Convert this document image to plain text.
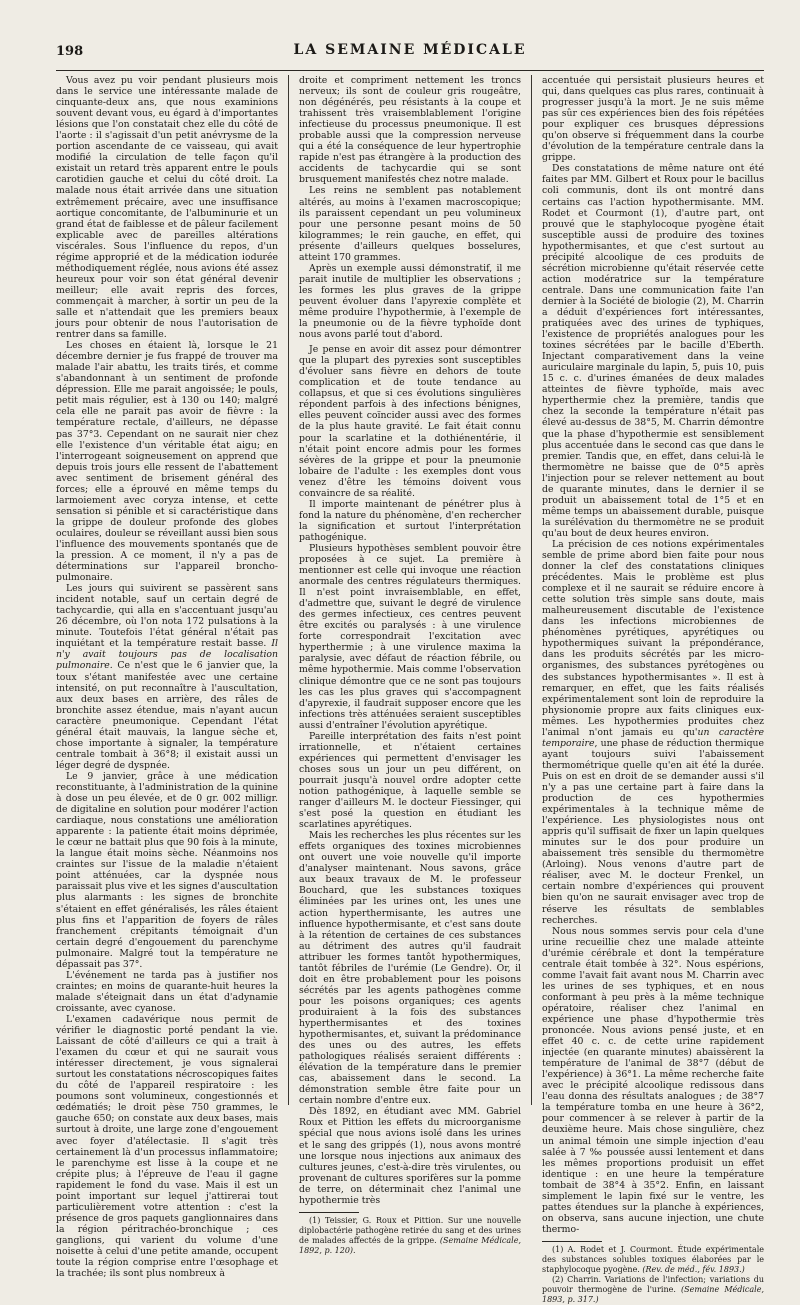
198	LA SEMAINE MÉDICALE

Vous avez pu voir pendant plusieurs mois dans le service une intéressante malade de cinquante-deux ans, que nous examinions souvent devant vous, eu égard à d'importantes lésions que l'on constatait chez elle du côté de l'aorte : il s'agissait d'un petit anévrysme de la portion ascendante de ce vaisseau, qui avait modifié la circulation de telle façon qu'il existait un retard très apparent entre le pouls carotidien gauche et celui du côté droit. La malade nous était arrivée dans une situation extrêmement précaire, avec une insuffisance aortique concomitante, de l'albuminurie et un grand état de faiblesse et de pâleur facilement explicable avec de pareilles altérations viscérales. Sous l'influence du repos, d'un régime approprié et de la médication iodurée méthodiquement réglée, nous avions été assez heureux pour voir son état général devenir meilleur; elle avait repris des forces, commençait à marcher, à sortir un peu de la salle et n'attendait que les premiers beaux jours pour obtenir de nous l'autorisation de rentrer dans sa famille.

Les choses en étaient là, lorsque le 21 décembre dernier je fus frappé de trouver ma malade l'air abattu, les traits tirés, et comme s'abandonnant à un sentiment de profonde dépression. Elle me parait angoissée; le pouls, petit mais régulier, est à 130 ou 140; malgré cela elle ne parait pas avoir de fièvre : la température rectale, d'ailleurs, ne dépasse pas 37°3. Cependant on ne saurait nier chez elle l'existence d'un véritable état aigu; en l'interrogeant soigneusement on apprend que depuis trois jours elle ressent de l'abattement avec sentiment de brisement général des forces; elle a éprouvé en même temps du larmoiement avec coryza intense, et cette sensation si pénible et si caractéristique dans la grippe de douleur profonde des globes oculaires, douleur se réveillant aussi bien sous l'influence des mouvements spontanés que de la pression. A ce moment, il n'y a pas de déterminations sur l'appareil broncho-pulmonaire.

Les jours qui suivirent se passèrent sans incident notable, sauf un certain degré de tachycardie, qui alla en s'accentuant jusqu'au 26 décembre, où l'on nota 172 pulsations à la minute. Toutefois l'état général n'était pas inquiétant et la température restait basse. Il n'y avait toujours pas de localisation pulmonaire. Ce n'est que le 6 janvier que, la toux s'étant manifestée avec une certaine intensité, on put reconnaître à l'auscultation, aux deux bases en arrière, des râles de bronchite assez étendue, mais n'ayant aucun caractère pneumonique. Cependant l'état général était mauvais, la langue sèche et, chose importante à signaler, la température centrale tombait à 36°8; il existait aussi un léger degré de dyspnée.

Le 9 janvier, grâce à une médication reconstituante, à l'administration de la quinine à dose un peu élevée, et de 0 gr. 002 milligr. de digitaline en solution pour modérer l'action cardiaque, nous constations une amélioration apparente : la patiente était moins déprimée, le cœur ne battait plus que 90 fois à la minute, la langue était moins sèche. Néanmoins nos craintes sur l'issue de la maladie n'étaient point atténuées, car la dyspnée nous paraissait plus vive et les signes d'auscultation plus alarmants : les signes de bronchite s'étaient en effet généralisés, les râles étaient plus fins et l'apparition de foyers de râles franchement crépitants témoignait d'un certain degré d'engouement du parenchyme pulmonaire. Malgré tout la température ne dépassait pas 37°.

L'événement ne tarda pas à justifier nos craintes; en moins de quarante-huit heures la malade s'éteignait dans un état d'adynamie croissante, avec cyanose.

L'examen cadavérique nous permit de vérifier le diagnostic porté pendant la vie. Laissant de côté d'ailleurs ce qui a trait à l'examen du cœur et qui ne saurait vous intéresser directement, je vous signalerai surtout les constatations nécroscopiques faites du côté de l'appareil respiratoire : les poumons sont volumineux, congestionnés et œdématiés; le droit pèse 750 grammes, le gauche 650; on constate aux deux bases, mais surtout à droite, une large zone d'engouement avec foyer d'atélectasie. Il s'agit très certainement là d'un processus inflammatoire; le parenchyme est lisse à la coupe et ne crépite plus; à l'épreuve de l'eau il gagne rapidement le fond du vase. Mais il est un point important sur lequel j'attirerai tout particulièrement votre attention : c'est la présence de gros paquets ganglionnaires dans la région péritrachéo-bronchique ; ces ganglions, qui varient du volume d'une noisette à celui d'une petite amande, occupent toute la région comprise entre l'œsophage et la trachée; ils sont plus nombreux à

droite et compriment nettement les troncs nerveux; ils sont de couleur gris rougeâtre, non dégénérés, peu résistants à la coupe et trahissent très vraisemblablement l'origine infectieuse du processus pneumonique. Il est probable aussi que la compression nerveuse qui a été la conséquence de leur hypertrophie rapide n'est pas étrangère à la production des accidents de tachycardie qui se sont brusquement manifestés chez notre malade.

Les reins ne semblent pas notablement altérés, au moins à l'examen macroscopique; ils paraissent cependant un peu volumineux pour une personne pesant moins de 50 kilogrammes; le rein gauche, en effet, qui présente d'ailleurs quelques bosselures, atteint 170 grammes.

Après un exemple aussi démonstratif, il me parait inutile de multiplier les observations ; les formes les plus graves de la grippe peuvent évoluer dans l'apyrexie complète et même produire l'hypothermie, à l'exemple de la pneumonie ou de la fièvre typhoïde dont nous avons parlé tout d'abord.

Je pense en avoir dit assez pour démontrer que la plupart des pyrexies sont susceptibles d'évoluer sans fièvre en dehors de toute complication et de toute tendance au collapsus, et que si ces évolutions singulières répondent parfois à des infections bénignes, elles peuvent coïncider aussi avec des formes de la plus haute gravité. Le fait était connu pour la scarlatine et la dothiénentérie, il n'était point encore admis pour les formes sévères de la grippe et pour la pneumonie lobaire de l'adulte : les exemples dont vous venez d'être les témoins doivent vous convaincre de sa réalité.

Il importe maintenant de pénétrer plus à fond la nature du phénomène, d'en rechercher la signification et surtout l'interprétation pathogénique.

Plusieurs hypothèses semblent pouvoir être proposées à ce sujet. La première à mentionner est celle qui invoque une réaction anormale des centres régulateurs thermiques. Il n'est point invraisemblable, en effet, d'admettre que, suivant le degré de virulence des germes infectieux, ces centres peuvent être excités ou paralysés : à une virulence forte correspondrait l'excitation avec hyperthermie ; à une virulence maxima la paralysie, avec défaut de réaction fébrile, ou même hypothermie. Mais comme l'observation clinique démontre que ce ne sont pas toujours les cas les plus graves qui s'accompagnent d'apyrexie, il faudrait supposer encore que les infections très atténuées seraient susceptibles aussi d'entraîner l'évolution apyrétique.

Pareille interprétation des faits n'est point irrationnelle, et n'étaient certaines expériences qui permettent d'envisager les choses sous un jour un peu différent, on pourrait jusqu'à nouvel ordre adopter cette notion pathogénique, à laquelle semble se ranger d'ailleurs M. le docteur Fiessinger, qui s'est posé la question en étudiant les scarlatines apyrétiques.

Mais les recherches les plus récentes sur les effets organiques des toxines microbiennes ont ouvert une voie nouvelle qu'il importe d'analyser maintenant. Nous savons, grâce aux beaux travaux de M. le professeur Bouchard, que les substances toxiques éliminées par les urines ont, les unes une action hyperthermisante, les autres une influence hypothermisante, et c'est sans doute à la rétention de certaines de ces substances au détriment des autres qu'il faudrait attribuer les formes tantôt hypothermiques, tantôt fébriles de l'urémie (Le Gendre). Or, il doit en être probablement pour les poisons sécrétés par les agents pathogènes comme pour les poisons organiques; ces agents produiraient à la fois des substances hyperthermisantes et des toxines hypothermisantes, et, suivant la prédominance des unes ou des autres, les effets pathologiques réalisés seraient différents : élévation de la température dans le premier cas, abaissement dans le second. La démonstration semble être faite pour un certain nombre d'entre eux.

Dès 1892, en étudiant avec MM. Gabriel Roux et Pittion les effets du microorganisme spécial que nous avions isolé dans les urines et le sang des grippés (1), nous avons montré une lorsque nous injections aux animaux des cultures jeunes, c'est-à-dire très virulentes, ou provenant de cultures sporifères sur la pomme de terre, on déterminait chez l'animal une hypothermie très

(1) Teissier, G. Roux et Pittion. Sur une nouvelle diplobactérie pathogène retirée du sang et des urines de malades affectés de la grippe. (Semaine Médicale, 1892, p. 120).

accentuée qui persistait plusieurs heures et qui, dans quelques cas plus rares, continuait à progresser jusqu'à la mort. Je ne suis même pas sûr ces expériences bien des fois répétées pour expliquer ces brusques dépressions qu'on observe si fréquemment dans la courbe d'évolution de la température centrale dans la grippe.

Des constatations de même nature ont été faites par MM. Gilbert et Roux pour le bacillus coli communis, dont ils ont montré dans certains cas l'action hypothermisante. MM. Rodet et Courmont (1), d'autre part, ont prouvé que le staphylocoque pyogène était susceptible aussi de produire des toxines hypothermisantes, et que c'est surtout au précipité alcoolique de ces produits de sécrétion microbienne qu'était réservée cette action modératrice sur la température centrale. Dans une communication faite l'an dernier à la Société de biologie (2), M. Charrin a déduit d'expériences fort intéressantes, pratiquées avec des urines de typhiques, l'existence de propriétés analogues pour les toxines sécrétées par le bacille d'Eberth. Injectant comparativement dans la veine auriculaire marginale du lapin, 5, puis 10, puis 15 c. c. d'urines émanées de deux malades atteintes de fièvre typhoïde, mais avec hyperthermie chez la première, tandis que chez la seconde la température n'était pas élevé au-dessus de 38°5, M. Charrin démontre que la phase d'hypothermie est sensiblement plus accentuée dans le second cas que dans le premier. Tandis que, en effet, dans celui-là le thermomètre ne baisse que de 0°5 après l'injection pour se relever nettement au bout de quarante minutes, dans le dernier il se produit un abaissement total de 1°5 et en même temps un abaissement durable, puisque la surélévation du thermomètre ne se produit qu'au bout de deux heures environ.

La précision de ces notions expérimentales semble de prime abord bien faite pour nous donner la clef des constatations cliniques précédentes. Mais le problème est plus complexe et il ne saurait se réduire encore à cette solution très simple sans doute, mais malheureusement discutable de l'existence dans les infections microbiennes de phénomènes pyrétiques, apyrétiques ou hypothermiques suivant la prépondérance, dans les produits sécrétés par les micro-organismes, des substances pyrétogènes ou des substances hypothermisantes ». Il est à remarquer, en effet, que les faits réalisés expérimentalement sont loin de reproduire la physionomie propre aux faits cliniques eux-mêmes. Les hypothermies produites chez l'animal n'ont jamais eu qu'un caractère temporaire, une phase de réduction thermique ayant toujours suivi l'abaissement thermométrique quelle qu'en ait été la durée. Puis on est en droit de se demander aussi s'il n'y a pas une certaine part à faire dans la production de ces hypothermies expérimentales à la technique même de l'expérience. Les physiologistes nous ont appris qu'il suffisait de fixer un lapin quelques minutes sur le dos pour produire un abaissement très sensible du thermomètre (Arloing). Nous venons d'autre part de réaliser, avec M. le docteur Frenkel, un certain nombre d'expériences qui prouvent bien qu'on ne saurait envisager avec trop de réserve les résultats de semblables recherches.

Nous nous sommes servis pour cela d'une urine recueillie chez une malade atteinte d'urémie cérébrale et dont la température centrale était tombée à 32°. Nous espérions, comme l'avait fait avant nous M. Charrin avec les urines de ses typhiques, et en nous conformant à peu près à la même technique opératoire, réaliser chez l'animal en expérience une phase d'hypothermie très prononcée. Nous avions pensé juste, et en effet 40 c. c. de cette urine rapidement injectée (en quarante minutes) abaissèrent la température de l'animal de 38°7 (début de l'expérience) à 36°1. La même recherche faite avec le précipité alcoolique redissous dans l'eau donna des résultats analogues ; de 38°7 la température tomba en une heure à 36°2, pour commencer à se relever à partir de la deuxième heure. Mais chose singulière, chez un animal témoin une simple injection d'eau salée à 7 ‰ poussée aussi lentement et dans les mêmes proportions produisit un effet identique : en une heure la température tombait de 38°4 à 35°2. Enfin, en laissant simplement le lapin fixé sur le ventre, les pattes étendues sur la planche à expériences, on observa, sans aucune injection, une chute thermo-

(1) A. Rodet et J. Courmont. Étude expérimentale des substances solubles toxiques élaborées par le staphylocoque pyogène. (Rev. de méd., fév. 1893.)

(2) Charrin. Variations de l'infection; variations du pouvoir thermogène de l'urine. (Semaine Médicale, 1893, p. 317.)
